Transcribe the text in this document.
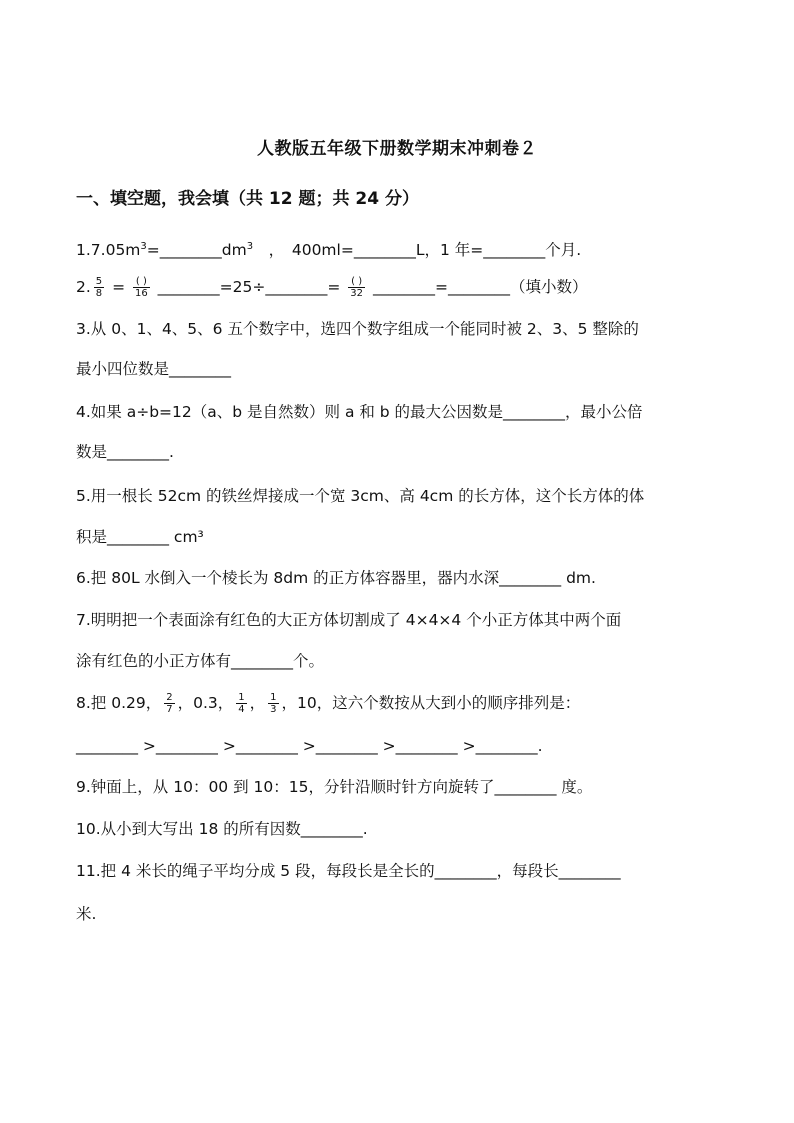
人教版五年级下册数学期末冲刺卷２
一、填空题，我会填（共 12 题；共 24 分）
$1.7.05m^3=\_\_\_\_\_\_\_\_dm^3$　，　400ml=________L，1 年=________个月.
2. $\frac{5}{8} = \frac{( )}{16}$ ________=25÷________= $\frac{( )}{32}$ ________=________（填小数）
3.从 0、1、4、5、6 五个数字中，选四个数字组成一个能同时被 2、3、5 整除的
最小四位数是________
4.如果 a÷b=12（a、b 是自然数）则 a 和 b 的最大公因数是________，最小公倍
数是________.
5.用一根长 52cm 的铁丝焊接成一个宽 3cm、高 4cm 的长方体，这个长方体的体
积是________ cm³
6.把 80L 水倒入一个棱长为 8dm 的正方体容器里，器内水深________ dm.
7.明明把一个表面涂有红色的大正方体切割成了 4×4×4 个小正方体其中两个面
涂有红色的小正方体有________个。
8.把 0.29， $\frac{2}{7}$ ，0.3， $\frac{1}{4}$ ， $\frac{1}{3}$ ，10，这六个数按从大到小的顺序排列是：
________ >________ >________ >________ >________ >________.
9.钟面上，从 10：00 到 10：15，分针沿顺时针方向旋转了________ 度。
10.从小到大写出 18 的所有因数________.
11.把 4 米长的绳子平均分成 5 段，每段长是全长的________，每段长________
米.
